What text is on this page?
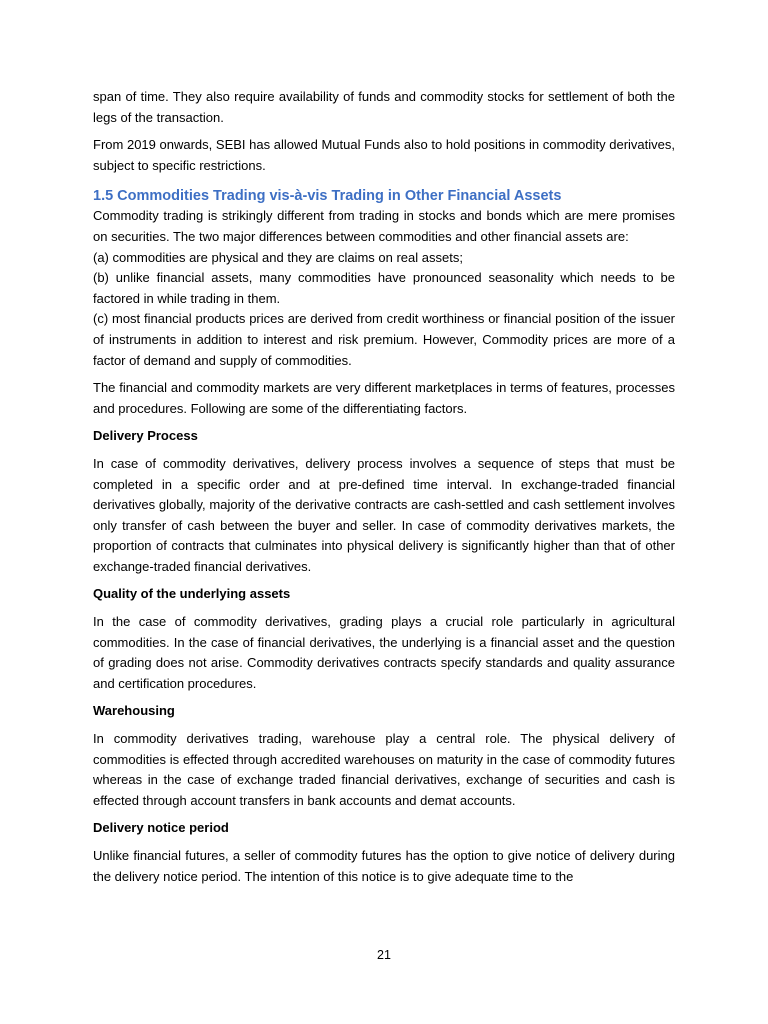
span of time. They also require availability of funds and commodity stocks for settlement of both the legs of the transaction.

From 2019 onwards, SEBI has allowed Mutual Funds also to hold positions in commodity derivatives, subject to specific restrictions.

1.5 Commodities Trading vis-à-vis Trading in Other Financial Assets

Commodity trading is strikingly different from trading in stocks and bonds which are mere promises on securities. The two major differences between commodities and other financial assets are:

(a) commodities are physical and they are claims on real assets;

(b) unlike financial assets, many commodities have pronounced seasonality which needs to be factored in while trading in them.

(c) most financial products prices are derived from credit worthiness or financial position of the issuer of instruments in addition to interest and risk premium. However, Commodity prices are more of a factor of demand and supply of commodities.

The financial and commodity markets are very different marketplaces in terms of features, processes and procedures. Following are some of the differentiating factors.

Delivery Process

In case of commodity derivatives, delivery process involves a sequence of steps that must be completed in a specific order and at pre-defined time interval. In exchange-traded financial derivatives globally, majority of the derivative contracts are cash-settled and cash settlement involves only transfer of cash between the buyer and seller. In case of commodity derivatives markets, the proportion of contracts that culminates into physical delivery is significantly higher than that of other exchange-traded financial derivatives.

Quality of the underlying assets

In the case of commodity derivatives, grading plays a crucial role particularly in agricultural commodities. In the case of financial derivatives, the underlying is a financial asset and the question of grading does not arise. Commodity derivatives contracts specify standards and quality assurance and certification procedures.

Warehousing

In commodity derivatives trading, warehouse play a central role. The physical delivery of commodities is effected through accredited warehouses on maturity in the case of commodity futures whereas in the case of exchange traded financial derivatives, exchange of securities and cash is effected through account transfers in bank accounts and demat accounts.

Delivery notice period

Unlike financial futures, a seller of commodity futures has the option to give notice of delivery during the delivery notice period. The intention of this notice is to give adequate time to the

21
